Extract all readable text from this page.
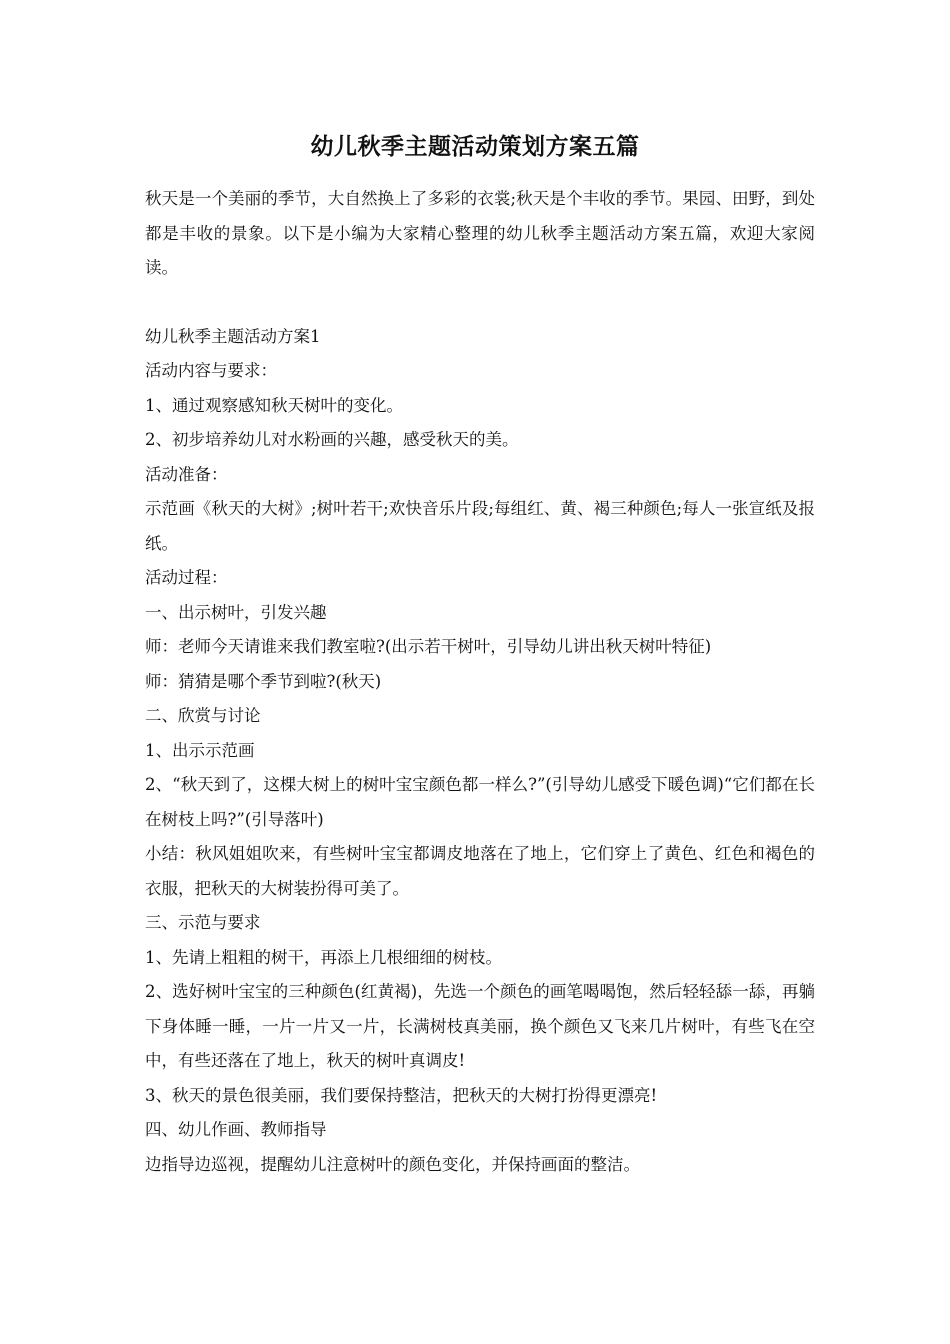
幼儿秋季主题活动策划方案五篇

秋天是一个美丽的季节，大自然换上了多彩的衣裳;秋天是个丰收的季节。果园、田野，到处都是丰收的景象。以下是小编为大家精心整理的幼儿秋季主题活动方案五篇，欢迎大家阅读。

幼儿秋季主题活动方案1

活动内容与要求：

1、通过观察感知秋天树叶的变化。

2、初步培养幼儿对水粉画的兴趣，感受秋天的美。

活动准备：

示范画《秋天的大树》;树叶若干;欢快音乐片段;每组红、黄、褐三种颜色;每人一张宣纸及报纸。

活动过程：

一、出示树叶，引发兴趣

师：老师今天请谁来我们教室啦?(出示若干树叶，引导幼儿讲出秋天树叶特征)

师：猜猜是哪个季节到啦?(秋天)

二、欣赏与讨论

1、出示示范画

2、“秋天到了，这棵大树上的树叶宝宝颜色都一样么?”(引导幼儿感受下暖色调)“它们都在长在树枝上吗?”(引导落叶)

小结：秋风姐姐吹来，有些树叶宝宝都调皮地落在了地上，它们穿上了黄色、红色和褐色的衣服，把秋天的大树装扮得可美了。

三、示范与要求

1、先请上粗粗的树干，再添上几根细细的树枝。

2、选好树叶宝宝的三种颜色(红黄褐)，先选一个颜色的画笔喝喝饱，然后轻轻舔一舔，再躺下身体睡一睡，一片一片又一片，长满树枝真美丽，换个颜色又飞来几片树叶，有些飞在空中，有些还落在了地上，秋天的树叶真调皮!

3、秋天的景色很美丽，我们要保持整洁，把秋天的大树打扮得更漂亮!

四、幼儿作画、教师指导

边指导边巡视，提醒幼儿注意树叶的颜色变化，并保持画面的整洁。
